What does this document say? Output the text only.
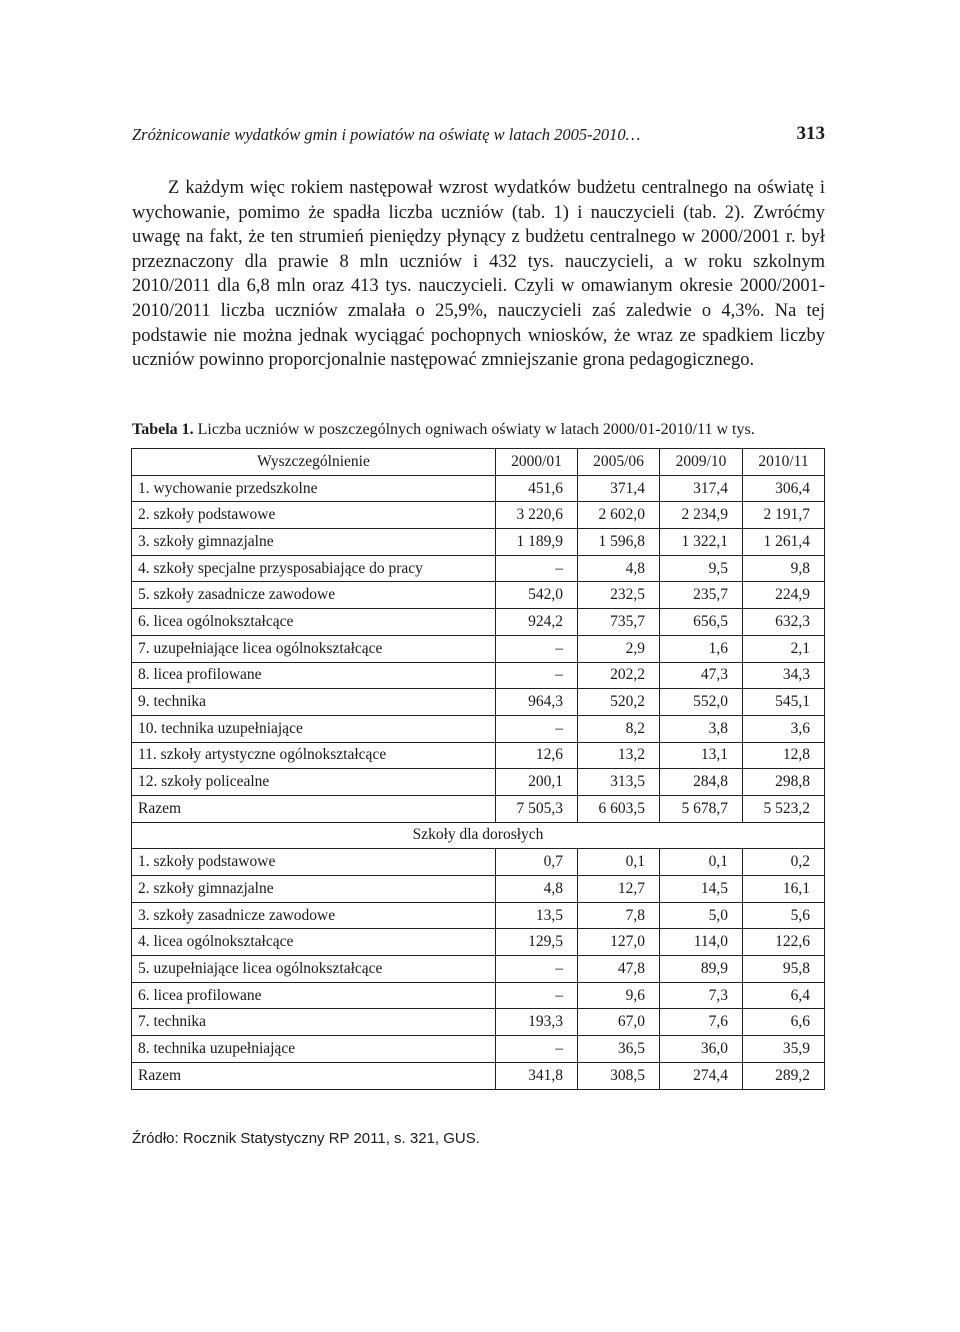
Zróżnicowanie wydatków gmin i powiatów na oświatę w latach 2005-2010…	313

Z każdym więc rokiem następował wzrost wydatków budżetu centralnego na oświatę i wychowanie, pomimo że spadła liczba uczniów (tab. 1) i nauczycieli (tab. 2). Zwróćmy uwagę na fakt, że ten strumień pieniędzy płynący z budżetu centralnego w 2000/2001 r. był przeznaczony dla prawie 8 mln uczniów i 432 tys. nauczycieli, a w roku szkolnym 2010/2011 dla 6,8 mln oraz 413 tys. nauczycieli. Czyli w omawianym okresie 2000/2001-2010/2011 liczba uczniów zmalała o 25,9%, nauczycieli zaś zaledwie o 4,3%. Na tej podstawie nie można jednak wyciągać pochopnych wniosków, że wraz ze spadkiem liczby uczniów powinno proporcjonalnie następować zmniejszanie grona pedagogicznego.

Tabela 1. Liczba uczniów w poszczególnych ogniwach oświaty w latach 2000/01-2010/11 w tys.
Wyszczególnienie	2000/01	2005/06	2009/10	2010/11
1. wychowanie przedszkolne	451,6	371,4	317,4	306,4
2. szkoły podstawowe	3 220,6	2 602,0	2 234,9	2 191,7
3. szkoły gimnazjalne	1 189,9	1 596,8	1 322,1	1 261,4
4. szkoły specjalne przysposabiające do pracy	–	4,8	9,5	9,8
5. szkoły zasadnicze zawodowe	542,0	232,5	235,7	224,9
6. licea ogólnokształcące	924,2	735,7	656,5	632,3
7. uzupełniające licea ogólnokształcące	–	2,9	1,6	2,1
8. licea profilowane	–	202,2	47,3	34,3
9. technika	964,3	520,2	552,0	545,1
10. technika uzupełniające	–	8,2	3,8	3,6
11. szkoły artystyczne ogólnokształcące	12,6	13,2	13,1	12,8
12. szkoły policealne	200,1	313,5	284,8	298,8
Razem	7 505,3	6 603,5	5 678,7	5 523,2
Szkoły dla dorosłych				
1. szkoły podstawowe	0,7	0,1	0,1	0,2
2. szkoły gimnazjalne	4,8	12,7	14,5	16,1
3. szkoły zasadnicze zawodowe	13,5	7,8	5,0	5,6
4. licea ogólnokształcące	129,5	127,0	114,0	122,6
5. uzupełniające licea ogólnokształcące	–	47,8	89,9	95,8
6. licea profilowane	–	9,6	7,3	6,4
7. technika	193,3	67,0	7,6	6,6
8. technika uzupełniające	–	36,5	36,0	35,9
Razem	341,8	308,5	274,4	289,2
Źródło: Rocznik Statystyczny RP 2011, s. 321, GUS.
